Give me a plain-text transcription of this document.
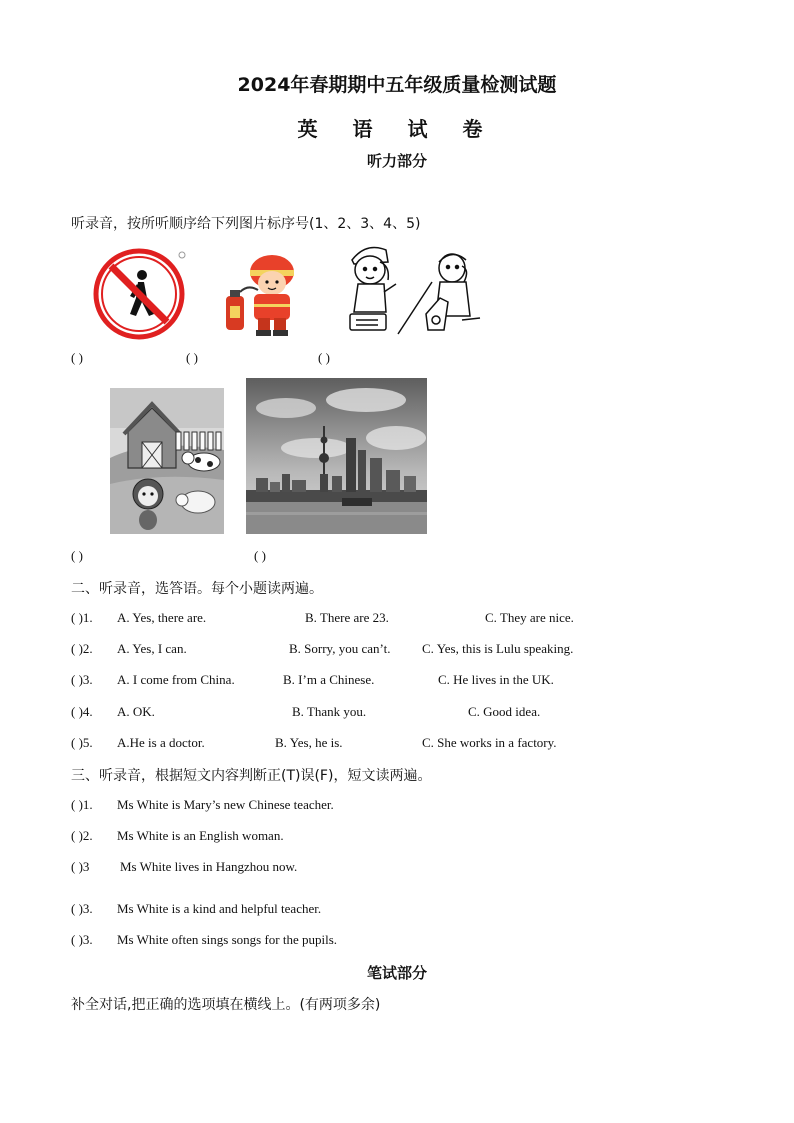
2024年春期期中五年级质量检测试题
英 语 试 卷
听力部分
听录音，按所听顺序给下列图片标序号(1、2、3、4、5)
( )	( )	( )
( )	( )
二、听录音，选答语。每个小题读两遍。
( )1. A. Yes, there are.	B. There are 23.	C. They are nice.
( )2. A. Yes, I can.	B. Sorry, you can’t. C. Yes, this is Lulu speaking.
( )3. A. I come from China.	B. I’m a Chinese.	C. He lives in the UK.
( )4. A. OK.	B. Thank you.	C. Good idea.
( )5. A.He is a doctor.	B. Yes, he is.	C. She works in a factory.
三、听录音，根据短文内容判断正(T)误(F)，短文读两遍。
( )1. Ms White is Mary’s new Chinese teacher.
( )2. Ms White is an English woman.
( )3 Ms White lives in Hangzhou now.
( )3. Ms White is a kind and helpful teacher.
( )3. Ms White often sings songs for the pupils.
笔试部分
补全对话,把正确的选项填在横线上。(有两项多余)
